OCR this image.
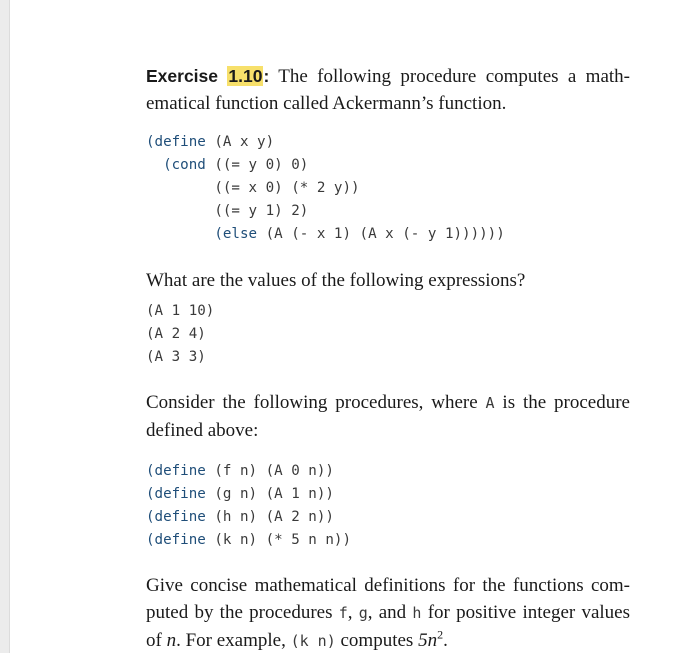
Exercise 1.10: The following procedure computes a mathematical function called Ackermann’s function.

(define (A x y)
(cond ((= y 0) 0)
((= x 0) (* 2 y))
((= y 1) 2)
(else (A (- x 1) (A x (- y 1))))))

What are the values of the following expressions?

(A 1 10)
(A 2 4)
(A 3 3)

Consider the following procedures, where A is the procedure defined above:

(define (f n) (A 0 n))
(define (g n) (A 1 n))
(define (h n) (A 2 n))
(define (k n) (* 5 n n))

Give concise mathematical definitions for the functions computed by the procedures f, g, and h for positive integer values of n. For example, (k n) computes $5n^2$.
